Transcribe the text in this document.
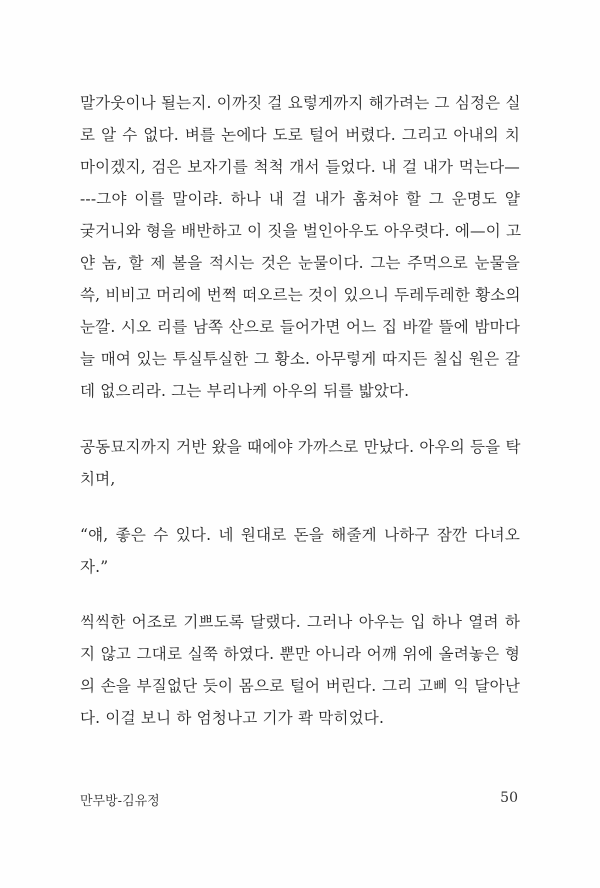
말가웃이나 될는지. 이까짓 걸 요렇게까지 해가려는 그 심정은 실
로 알 수 없다. 벼를 논에다 도로 털어 버렸다. 그리고 아내의 치
마이겠지, 검은 보자기를 척척 개서 들었다. 내 걸 내가 먹는다—
---그야 이를 말이랴. 하나 내 걸 내가 훔쳐야 할 그 운명도 얄
궂거니와 형을 배반하고 이 짓을 벌인아우도 아우렷다. 에—이 고
얀 놈, 할 제 볼을 적시는 것은 눈물이다. 그는 주먹으로 눈물을
쓱, 비비고 머리에 번쩍 떠오르는 것이 있으니 두레두레한 황소의
눈깔. 시오 리를 남쪽 산으로 들어가면 어느 집 바깥 뜰에 밤마다
늘 매여 있는 투실투실한 그 황소. 아무렇게 따지든 칠십 원은 갈
데 없으리라. 그는 부리나케 아우의 뒤를 밟았다.
공동묘지까지 거반 왔을 때에야 가까스로 만났다. 아우의 등을 탁
치며,
“얘, 좋은 수 있다. 네 원대로 돈을 해줄게 나하구 잠깐 다녀오
자.”
씩씩한 어조로 기쁘도록 달랬다. 그러나 아우는 입 하나 열려 하
지 않고 그대로 실쭉 하였다. 뿐만 아니라 어깨 위에 올려놓은 형
의 손을 부질없단 듯이 몸으로 털어 버린다. 그리 고삐 익 달아난
다. 이걸 보니 하 엄청나고 기가 콱 막히었다.
만무방-김유정	50
